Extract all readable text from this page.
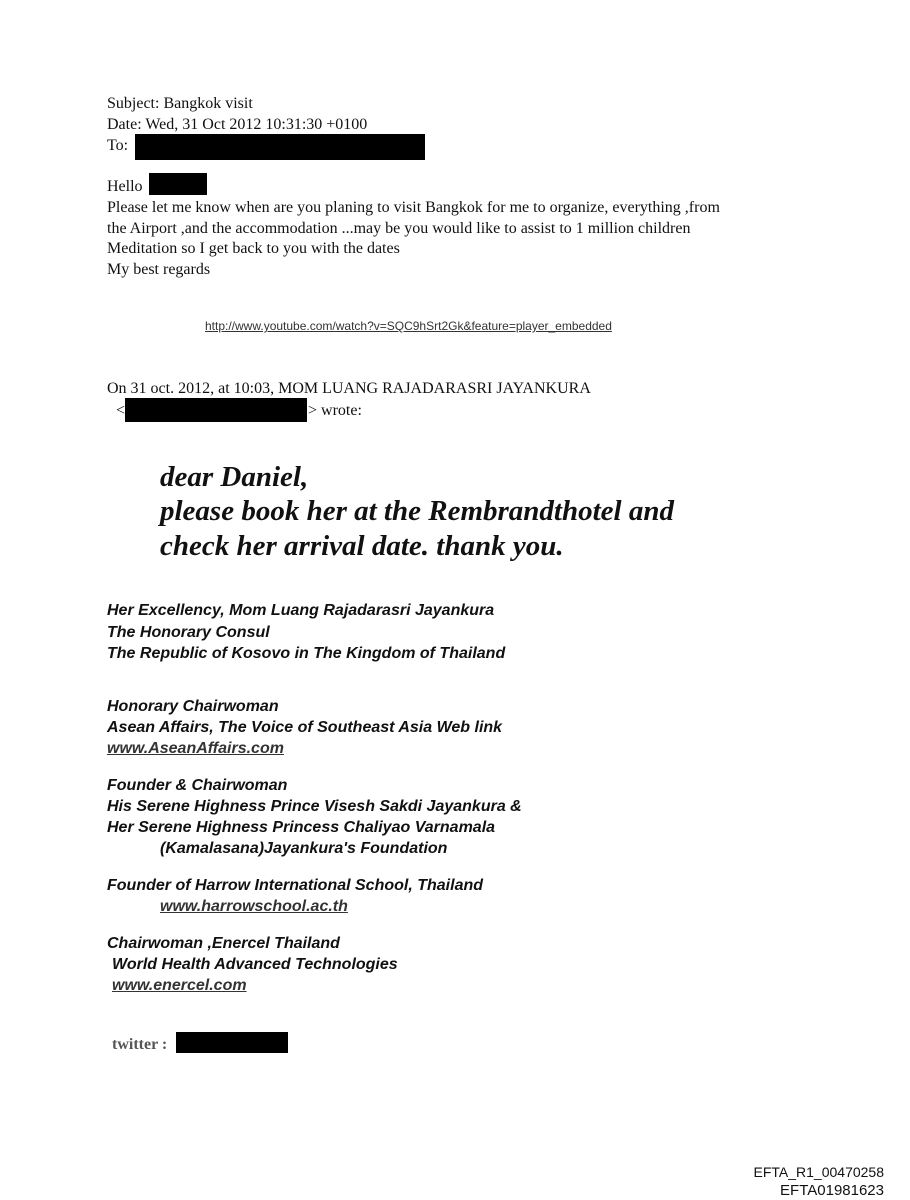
Subject: Bangkok visit
Date: Wed, 31 Oct 2012 10:31:30 +0100
To:
Hello
Please let me know when are you planing to visit Bangkok for me to organize, everything ,from
the Airport ,and the accommodation ...may be you would like to assist to 1 million children
Meditation so I get back to you with the dates
My best regards
http://www.youtube.com/watch?v=SQC9hSrt2Gk&feature=player_embedded
On 31 oct. 2012, at 10:03, MOM LUANG RAJADARASRI JAYANKURA
<	> wrote:
dear Daniel,
please book her at the Rembrandthotel and
check her arrival date. thank you.
Her Excellency, Mom Luang Rajadarasri Jayankura
The Honorary Consul
The Republic of Kosovo in The Kingdom of Thailand
Honorary Chairwoman
Asean Affairs, The Voice of Southeast Asia Web link
www.AseanAffairs.com
Founder & Chairwoman
His Serene Highness Prince Visesh Sakdi Jayankura &
Her Serene Highness Princess Chaliyao Varnamala
(Kamalasana)Jayankura's Foundation
Founder of Harrow International School, Thailand
www.harrowschool.ac.th
Chairwoman ,Enercel Thailand
World Health Advanced Technologies
www.enercel.com
twitter :
EFTA_R1_00470258
EFTA01981623
